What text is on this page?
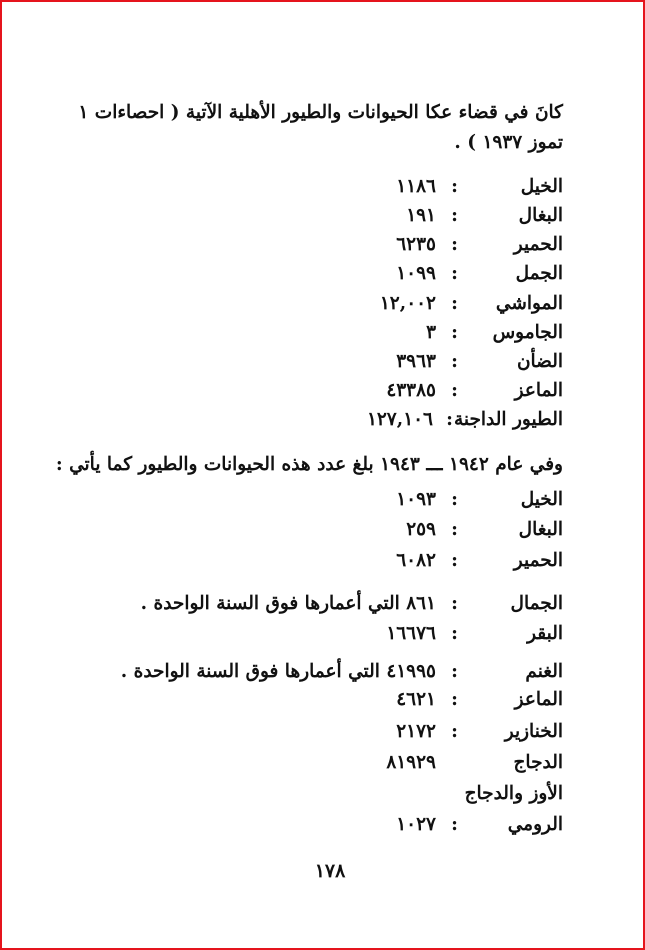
كانَ في قضاء عكا الحيوانات والطيور الأهلية الآتية ( احصاءات ١
تموز ١٩٣٧ ) .
الخيل
:
١١٨٦
البغال
:
١٩١
الحمير
:
٦٢٣٥
الجمل
:
١٠٩٩
المواشي
:
١٢,٠٠٢
الجاموس
:
٣
الضأن
:
٣٩٦٣
الماعز
:
٤٣٣٨٥
الطيور الداجنة
:
١٢٧,١٠٦
وفي عام ١٩٤٢ ـــ ١٩٤٣ بلغ عدد هذه الحيوانات والطيور كما يأتي :
الخيل
:
١٠٩٣
البغال
:
٢٥٩
الحمير
:
٦٠٨٢
الجمال
:
٨٦١ التي أعمارها فوق السنة الواحدة .
البقر
:
١٦٦٧٦
الغنم
:
٤١٩٩٥ التي أعمارها فوق السنة الواحدة .
الماعز
:
٤٦٢١
الخنازير
:
٢١٧٢
الدجاج
٨١٩٢٩
الأوز والدجاج
الرومي
:
١٠٢٧
١٧٨
